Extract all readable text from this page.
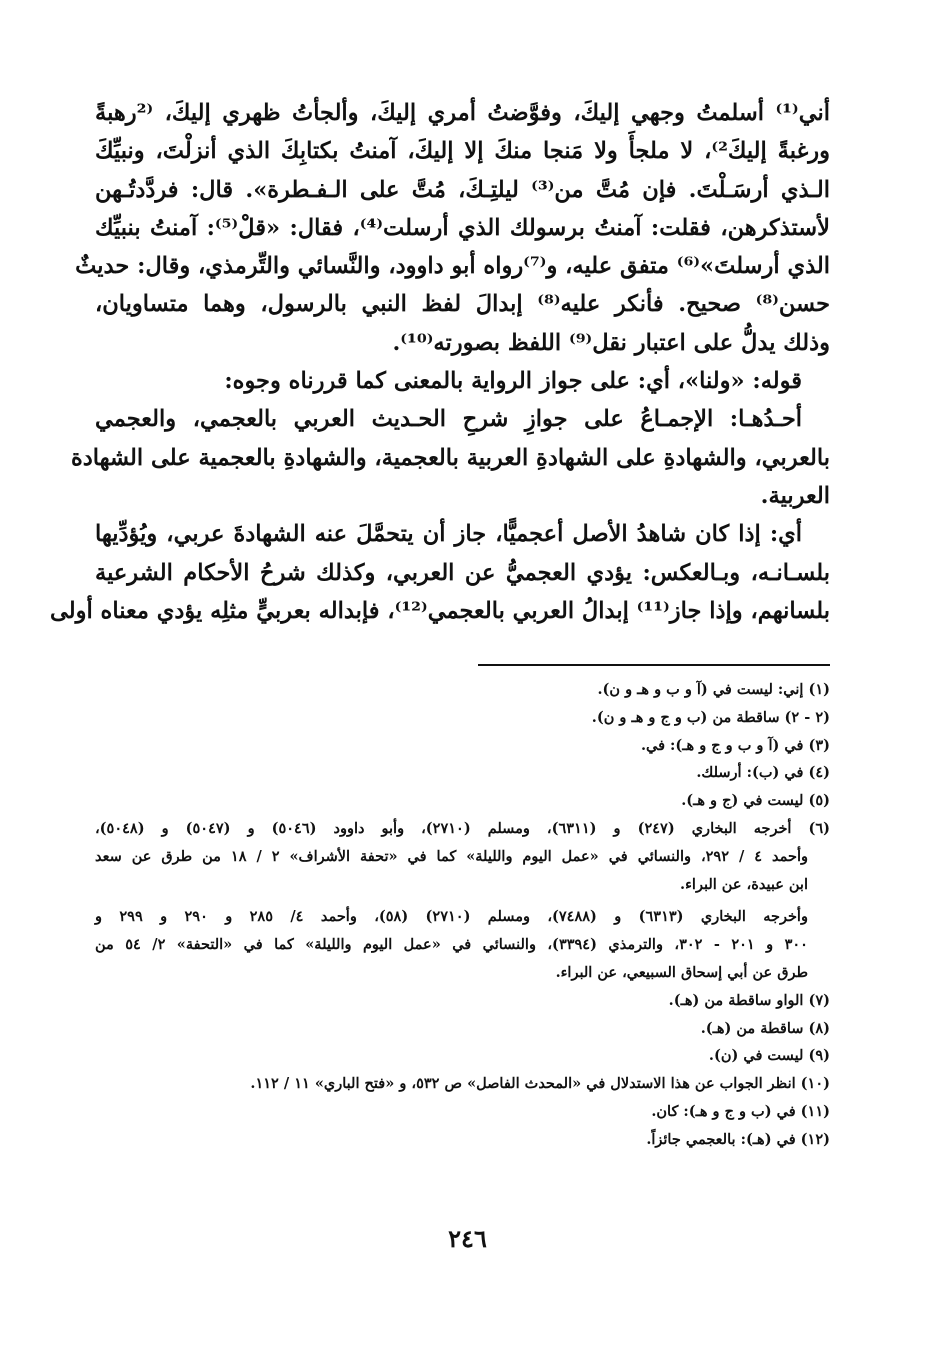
أني⁽¹⁾ أسلمتُ وجهي إليكَ، وفوَّضتُ أمري إليكَ، وألجأتُ ظهري إليكَ، ⁽²رهبةً
ورغبةً إليكَ²⁾، لا ملجأَ ولا مَنجا منكَ إلا إليكَ، آمنتُ بكتابِكَ الذي أنزلْتَ، ونبيِّكَ
الـذي أرسَـلْتَ. فإن مُتَّ من⁽³⁾ ليلتِـكَ، مُتَّ على الـفـطرة». قال: فردَّدتُـهن
لأستذكرهن، فقلت: آمنتُ برسولك الذي أرسلت⁽⁴⁾، فقال: «قلْ⁽⁵⁾: آمنتُ بنبيِّك
الذي أرسلتَ»⁽⁶⁾ متفق عليه، و⁽⁷⁾رواه أبو داوود، والنَّسائي والتِّرمذي، وقال: حديثٌ
حسن⁽⁸⁾ صحيح. فأنكر عليه⁽⁸⁾ إبدالَ لفظ النبي بالرسول، وهما متساويان،
وذلك يدلُّ على اعتبار نقل⁽⁹⁾ اللفظ بصورته⁽¹⁰⁾.
قوله: «ولنا»، أي: على جواز الرواية بالمعنى كما قررناه وجوه:
أحـدُهـا: الإجمـاعُ على جوازِ شرحِ الحـديث العربي بالعجمي، والعجمي
بالعربي، والشهادةِ على الشهادةِ العربية بالعجمية، والشهادةِ بالعجمية على الشهادة
العربية.
أي: إذا كان شاهدُ الأصل أعجميًّا، جاز أن يتحمَّلَ عنه الشهادةَ عربي، ويُؤدِّيها
بلسـانـه، وبـالعكس: يؤدي العجميُّ عن العربي، وكذلك شرحُ الأحكام الشرعية
بلسانهم، وإذا جاز⁽¹¹⁾ إبدالُ العربي بالعجمي⁽¹²⁾، فإبداله بعربيٍّ مثلِه يؤدي معناه أولى
(١) إني: ليست في (آ و ب و هـ و ن).
(٢ - ٢) ساقطة من (ب و ج و هـ و ن).
(٣) في (آ و ب و ج و هـ): في.
(٤) في (ب): أرسلك.
(٥) ليست في (ج و هـ).
(٦) أخرجه البخاري (٢٤٧) و (٦٣١١)، ومسلم (٢٧١٠)، وأبو داوود (٥٠٤٦) و (٥٠٤٧) و (٥٠٤٨)،
وأحمد ٤ / ٢٩٢، والنسائي في «عمل اليوم والليلة» كما في «تحفة الأشراف» ٢ / ١٨ من طرق عن سعد
ابن عبيدة، عن البراء.
وأخرجه البخاري (٦٣١٣) و (٧٤٨٨)، ومسلم (٢٧١٠) (٥٨)، وأحمد ٤/ ٢٨٥ و ٢٩٠ و ٢٩٩ و
٣٠٠ و ٢٠١ - ٣٠٢، والترمذي (٣٣٩٤)، والنسائي في «عمل اليوم والليلة» كما في «التحفة» ٢/ ٥٤ من
طرق عن أبي إسحاق السبيعي، عن البراء.
(٧) الواو ساقطة من (هـ).
(٨) ساقطة من (هـ).
(٩) ليست في (ن).
(١٠) انظر الجواب عن هذا الاستدلال في «المحدث الفاصل» ص ٥٣٢، و «فتح الباري» ١١ / ١١٢.
(١١) في (ب و ج و هـ): كان.
(١٢) في (هـ): بالعجمي جائزاً.
٢٤٦
